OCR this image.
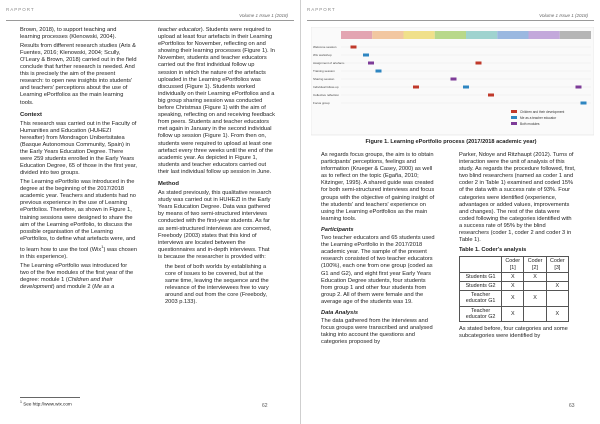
RAPPORT
Volume 1 Issue 1 (2018)

Brown, 2018), to support teaching and learning processes (Klenowski, 2004).

Results from different research studies (Aris & Fuentes, 2016; Klenowski, 2004; Scully, O'Leary & Brown, 2018) carried out in the field conclude that further research is needed. And this is precisely the aim of the present research: to open new insights into students' and teachers' perceptions about the use of Learning ePortfolios as the main learning tools.

Context

This research was carried out in the Faculty of Humanities and Education (HUHEZI hereafter) from Mondragon Unibertsitatea (Basque Autonomous Community, Spain) in the Early Years Education Degree. There were 259 students enrolled in the Early Years Education Degree, 65 of those in the first year, divided into two groups.

The Learning ePortfolio was introduced in the degree at the beginning of the 2017/2018 academic year. Teachers and students had no previous experience in the use of Learning ePortfolios. Therefore, as shown in Figure 1, training sessions were designed to share the aim of the Learning ePortfolio, to discuss the possible organisation of the Learning ePortfolios, to define what artefacts were, and to learn how to use the tool (Wix$^1$) was chosen in this experience).

The Learning ePortfolio was introduced for two of the five modules of the first year of the degree: module 1 (Children and their development) and module 2 (Me as a

teacher educator). Students were required to upload at least four artefacts in their Learning ePortfolios for November, reflecting on and showing their learning processes (Figure 1). In November, students and teacher educators carried out the first individual follow up session in which the nature of the artefacts uploaded in the Learning ePortfolios was discussed (Figure 1). Students worked individually on their Learning ePortfolios and a big group sharing session was conducted before Christmas (Figure 1) with the aim of speaking, reflecting on and receiving feedback from peers. Students and teacher educators met again in January in the second individual follow up session (Figure 1). From then on, students were required to upload at least one artefact every three weeks until the end of the academic year. As depicted in Figure 1, students and teacher educators carried out their last individual follow up session in June.

Method

As stated previously, this qualitative research study was carried out in HUHEZI in the Early Years Education Degree. Data was gathered by means of two semi-structured interviews conducted with the first-year students. As far as semi-structured interviews are concerned, Freebody (2003) states that this kind of interviews are located between the questionnaires and in-depth interviews. That is because the researcher is provided with:

the best of both worlds by establishing a core of issues to be covered, but at the same time, leaving the sequence and the relevance of the interviewees free to vary around and out from the core (Freebody, 2003 p.133).

$^1$ See http://www.wix.com	62
RAPPORT
Volume 1 Issue 1 (2018)
Welcome session
Wix workshop
Assignment of artefacts
Training session
Sharing session
Individual follow-up
Collective reflection
Focus group
Children and their development
Me as a teacher educator
Both modules
Figure 1. Learning ePortfolio process (2017/2018 academic year)

As regards focus groups, the aim is to obtain participants' perceptions, feelings and information (Krueger & Casey, 2000) as well as to reflect on the topic (Egaña, 2010; Kitzinger, 1995). A shared guide was created for both semi-structured interviews and focus groups with the objective of gaining insight of the students' and teachers' experience on using the Learning ePortfolios as the main learning tools.

Participants

Two teacher educators and 65 students used the Learning ePortfolio in the 2017/2018 academic year. The sample of the present research consisted of two teacher educators (100%), each one from one group (coded as G1 and G2), and eight first year Early Years Education Degree students, four students from group 1 and other four students from group 2. All of them were female and the average age of the students was 19.

Data Analysis

The data gathered from the interviews and focus groups were transcribed and analysed taking into account the questions and categories proposed by

Parker, Ndoye and Ritzhaupt (2012). Turns of interaction were the unit of analysis of this study. As regards the procedure followed, first, two blind researchers (named as coder 1 and coder 2 in Table 1) examined and coded 15% of the data with a success rate of 93%. Four categories were identified (experience, advantages or added values, improvements and changes). The rest of the data were coded following the categories identified with a success rate of 95% by the blind researchers (coder 1, coder 2 and coder 3 in Table 1).

Table 1. Coder's analysis

	Coder [1]	Coder [2]	Coder [3]
Students G1	X	X	
Students G2	X		X
Teacher educator G1	X	X	
Teacher educator G2	X		X

As stated before, four categories and some subcategories were identified by

63
